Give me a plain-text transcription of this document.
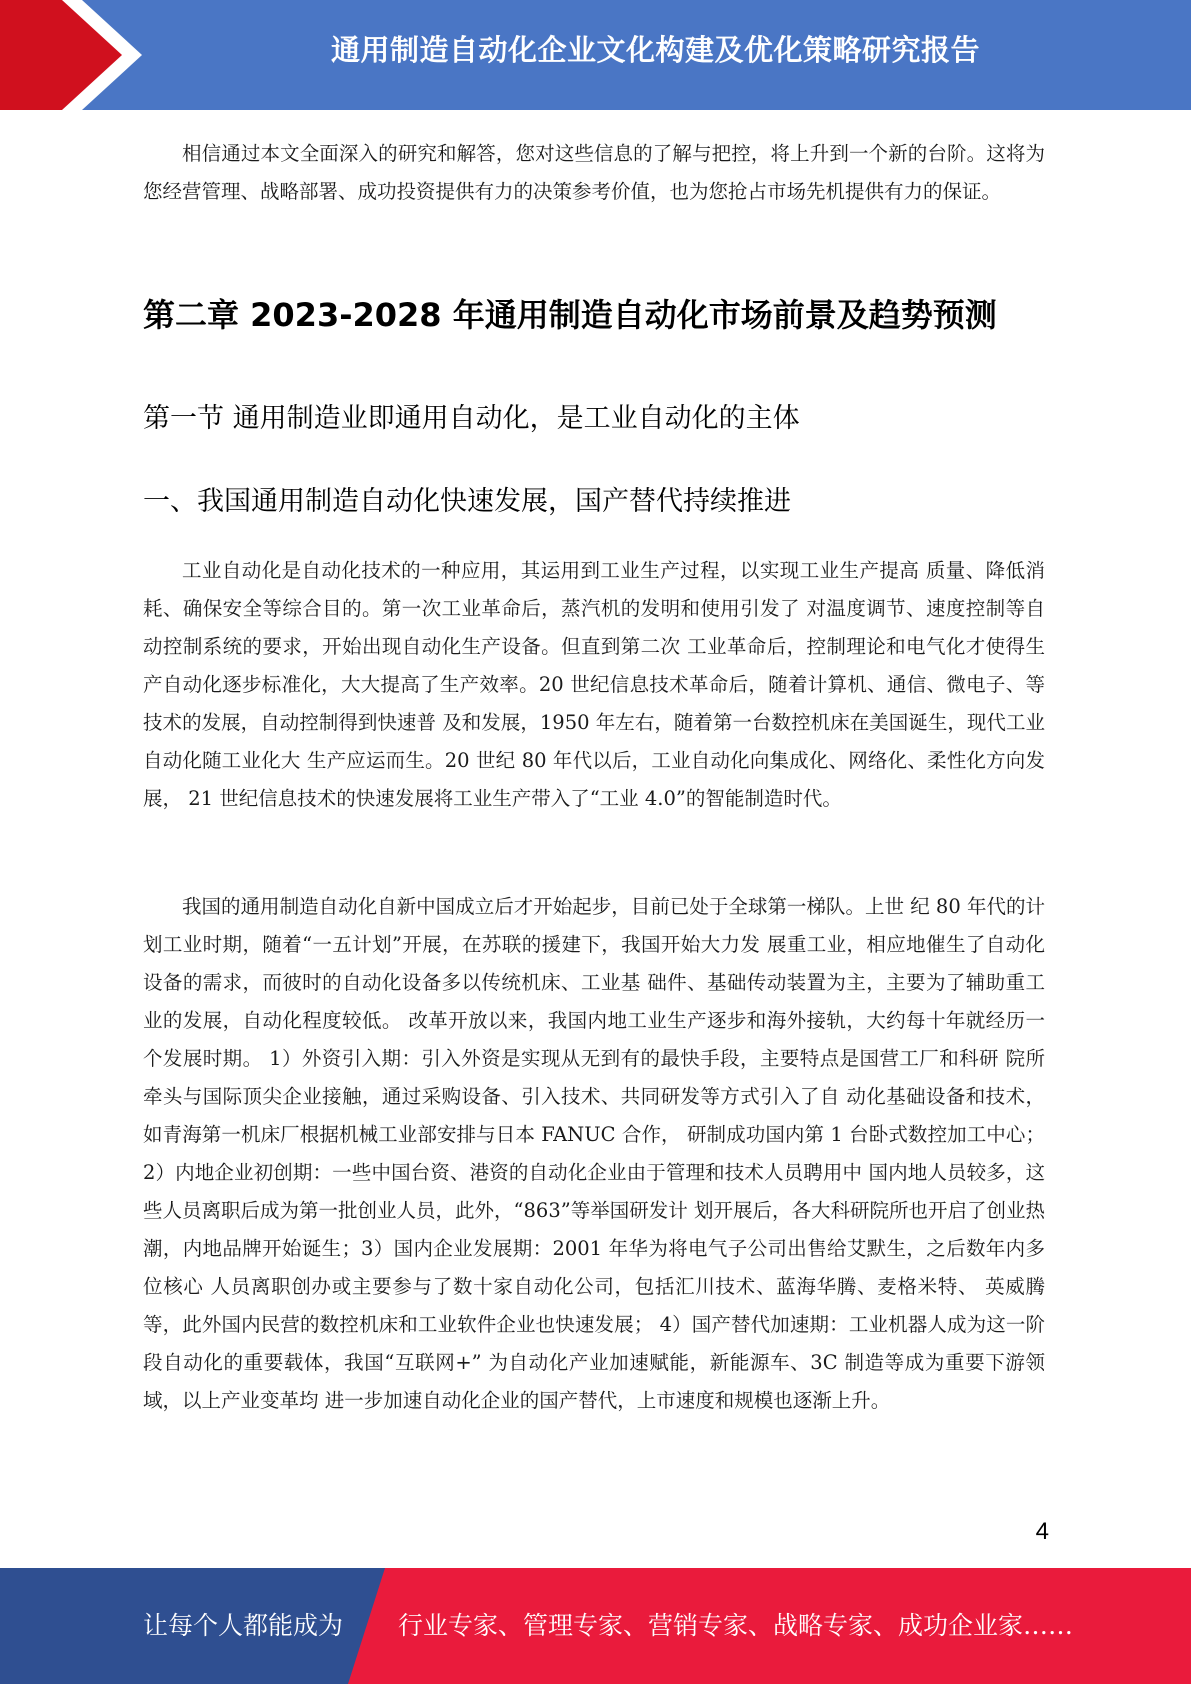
通用制造自动化企业文化构建及优化策略研究报告

相信通过本文全面深入的研究和解答，您对这些信息的了解与把控，将上升到一个新的台阶。这将为您经营管理、战略部署、成功投资提供有力的决策参考价值，也为您抢占市场先机提供有力的保证。

第二章 2023-2028 年通用制造自动化市场前景及趋势预测
第一节 通用制造业即通用自动化，是工业自动化的主体
一、我国通用制造自动化快速发展，国产替代持续推进

工业自动化是自动化技术的一种应用，其运用到工业生产过程，以实现工业生产提高 质量、降低消耗、确保安全等综合目的。第一次工业革命后，蒸汽机的发明和使用引发了 对温度调节、速度控制等自动控制系统的要求，开始出现自动化生产设备。但直到第二次 工业革命后，控制理论和电气化才使得生产自动化逐步标准化，大大提高了生产效率。20 世纪信息技术革命后，随着计算机、通信、微电子、等技术的发展，自动控制得到快速普 及和发展，1950 年左右，随着第一台数控机床在美国诞生，现代工业自动化随工业化大 生产应运而生。20 世纪 80 年代以后，工业自动化向集成化、网络化、柔性化方向发展， 21 世纪信息技术的快速发展将工业生产带入了“工业 4.0”的智能制造时代。

我国的通用制造自动化自新中国成立后才开始起步，目前已处于全球第一梯队。上世 纪 80 年代的计划工业时期，随着“一五计划”开展，在苏联的援建下，我国开始大力发 展重工业，相应地催生了自动化设备的需求，而彼时的自动化设备多以传统机床、工业基 础件、基础传动装置为主，主要为了辅助重工业的发展，自动化程度较低。 改革开放以来，我国内地工业生产逐步和海外接轨，大约每十年就经历一个发展时期。 1）外资引入期：引入外资是实现从无到有的最快手段，主要特点是国营工厂和科研 院所牵头与国际顶尖企业接触，通过采购设备、引入技术、共同研发等方式引入了自 动化基础设备和技术，如青海第一机床厂根据机械工业部安排与日本 FANUC 合作， 研制成功国内第 1 台卧式数控加工中心； 2）内地企业初创期：一些中国台资、港资的自动化企业由于管理和技术人员聘用中 国内地人员较多，这些人员离职后成为第一批创业人员，此外，“863”等举国研发计 划开展后，各大科研院所也开启了创业热潮，内地品牌开始诞生；3）国内企业发展期：2001 年华为将电气子公司出售给艾默生，之后数年内多位核心 人员离职创办或主要参与了数十家自动化公司，包括汇川技术、蓝海华腾、麦格米特、 英威腾等，此外国内民营的数控机床和工业软件企业也快速发展； 4）国产替代加速期：工业机器人成为这一阶段自动化的重要载体，我国“互联网+” 为自动化产业加速赋能，新能源车、3C 制造等成为重要下游领域，以上产业变革均 进一步加速自动化企业的国产替代，上市速度和规模也逐渐上升。

4
让每个人都能成为 行业专家、管理专家、营销专家、战略专家、成功企业家……
